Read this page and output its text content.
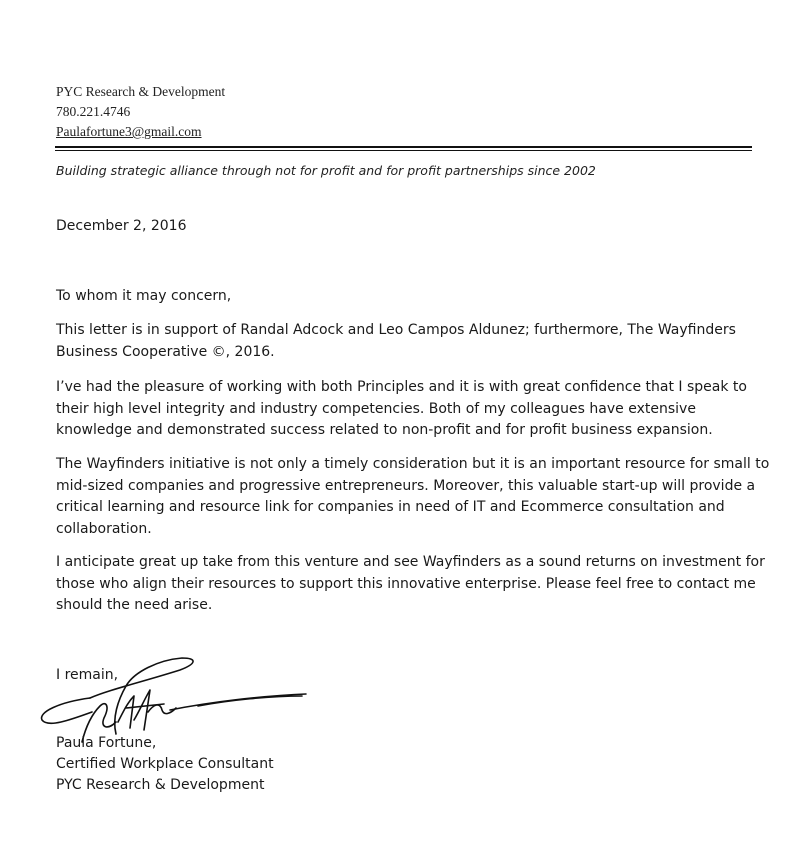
PYC Research & Development
780.221.4746
Paulafortune3@gmail.com
Building strategic alliance through not for profit and for profit partnerships since 2002
December 2, 2016
To whom it may concern,
This letter is in support of Randal Adcock and Leo Campos Aldunez; furthermore, The Wayfinders Business Cooperative ©, 2016.
I’ve had the pleasure of working with both Principles and it is with great confidence that I speak to their high level integrity and industry competencies. Both of my colleagues have extensive knowledge and demonstrated success related to non-profit and for profit business expansion.
The Wayfinders initiative is not only a timely consideration but it is an important resource for small to mid-sized companies and progressive entrepreneurs. Moreover, this valuable start-up will provide a critical learning and resource link for companies in need of IT and Ecommerce consultation and collaboration.
I anticipate great up take from this venture and see Wayfinders as a sound returns on investment for those who align their resources to support this innovative enterprise. Please feel free to contact me should the need arise.
I remain,
Paula Fortune,
Certified Workplace Consultant
PYC Research & Development
